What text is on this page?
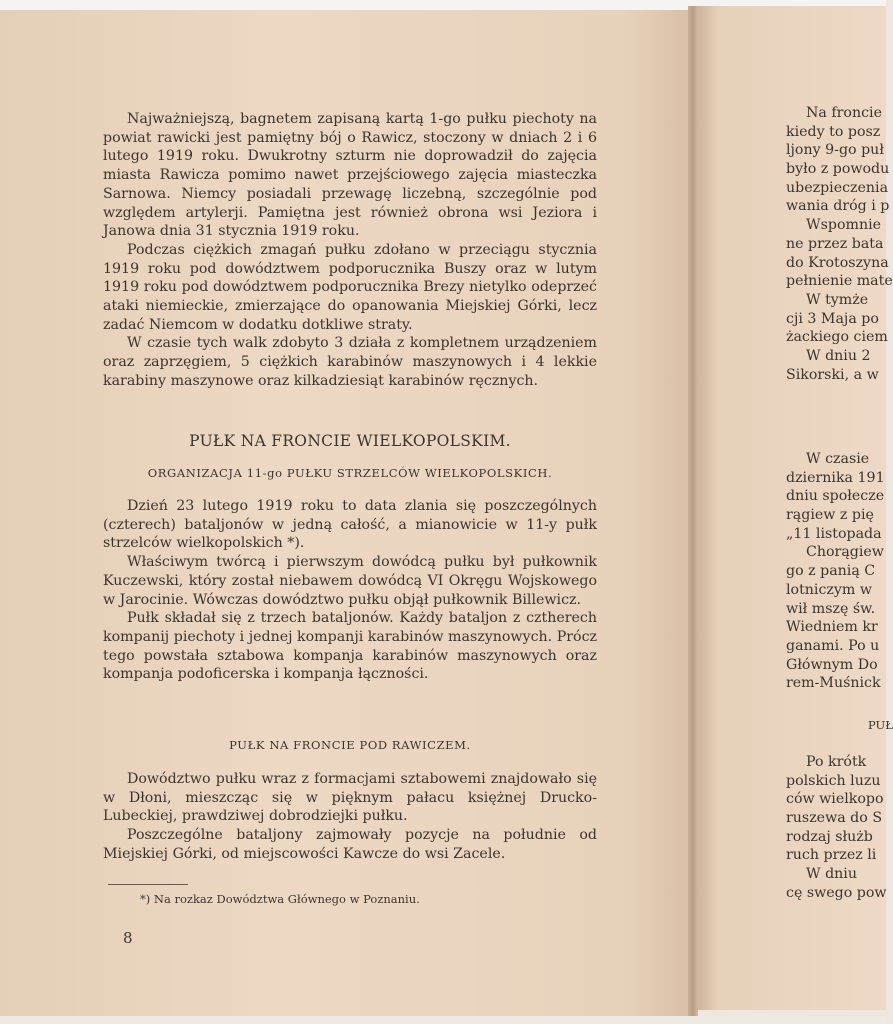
Najważniejszą, bagnetem zapisaną kartą 1-go pułku piechoty na powiat rawicki jest pamiętny bój o Rawicz, stoczony w dniach 2 i 6 lutego 1919 roku. Dwukrotny szturm nie doprowadził do zajęcia miasta Rawicza pomimo nawet przejściowego zajęcia miasteczka Sarnowa. Niemcy posiadali przewagę liczebną, szczególnie pod względem artylerji. Pamiętna jest również obrona wsi Jeziora i Janowa dnia 31 stycznia 1919 roku.

Podczas ciężkich zmagań pułku zdołano w przeciągu stycznia 1919 roku pod dowództwem podporucznika Buszy oraz w lutym 1919 roku pod dowództwem podporucznika Brezy nietylko odeprzeć ataki niemieckie, zmierzające do opanowania Miejskiej Górki, lecz zadać Niemcom w dodatku dotkliwe straty.

W czasie tych walk zdobyto 3 działa z kompletnem urządzeniem oraz zaprzęgiem, 5 ciężkich karabinów maszynowych i 4 lekkie karabiny maszynowe oraz kilkadziesiąt karabinów ręcznych.

PUŁK NA FRONCIE WIELKOPOLSKIM.
ORGANIZACJA 11-go PUŁKU STRZELCÓW WIELKOPOLSKICH.

Dzień 23 lutego 1919 roku to data zlania się poszczególnych (czterech) bataljonów w jedną całość, a mianowicie w 11-y pułk strzelców wielkopolskich *).

Właściwym twórcą i pierwszym dowódcą pułku był pułkownik Kuczewski, który został niebawem dowódcą VI Okręgu Wojskowego w Jarocinie. Wówczas dowództwo pułku objął pułkownik Billewicz.

Pułk składał się z trzech bataljonów. Każdy bataljon z cztherech kompanij piechoty i jednej kompanji karabinów maszynowych. Prócz tego powstała sztabowa kompanja karabinów maszynowych oraz kompanja podoficerska i kompanja łączności.

PUŁK NA FRONCIE POD RAWICZEM.

Dowództwo pułku wraz z formacjami sztabowemi znajdowało się w Dłoni, mieszcząc się w pięknym pałacu księżnej Drucko-Lubeckiej, prawdziwej dobrodziejki pułku.

Poszczególne bataljony zajmowały pozycje na południe od Miejskiej Górki, od miejscowości Kawcze do wsi Zacele.

*) Na rozkaz Dowództwa Głównego w Poznaniu.
8
Na froncie
kiedy to posz
ljony 9-go puł
było z powodu
ubezpieczenia
wania dróg i p
Wspomnie
ne przez bata
do Krotoszyna
pełnienie mate
W tymże
cji 3 Maja po
żackiego ciem
W dniu 2
Sikorski, a w
W czasie
dziernika 191
dniu społecze
rągiew z pię
„11 listopada
Chorągiew
go z panią C
lotniczym w
wił mszę św.
Wiedniem kr
ganami. Po u
Głównym Do
rem-Muśnick
PUŁ
Po krótk
polskich luzu
ców wielkopo
ruszewa do S
rodzaj służb
ruch przez li
W dniu
cę swego pow
